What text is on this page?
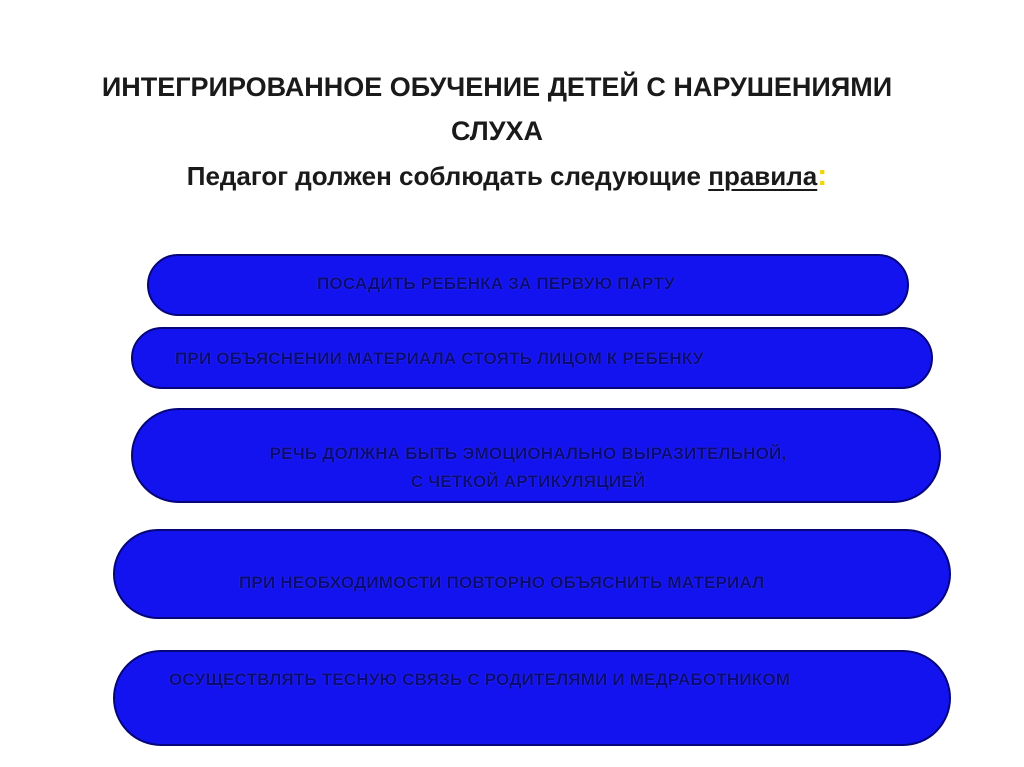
ИНТЕГРИРОВАННОЕ ОБУЧЕНИЕ ДЕТЕЙ С НАРУШЕНИЯМИ
СЛУХА
Педагог должен соблюдать следующие правила:
ПОСАДИТЬ РЕБЕНКА ЗА ПЕРВУЮ ПАРТУ
ПРИ ОБЪЯСНЕНИИ МАТЕРИАЛА СТОЯТЬ ЛИЦОМ К РЕБЕНКУ
РЕЧЬ ДОЛЖНА БЫТЬ ЭМОЦИОНАЛЬНО ВЫРАЗИТЕЛЬНОЙ,
С ЧЕТКОЙ АРТИКУЛЯЦИЕЙ
ПРИ НЕОБХОДИМОСТИ ПОВТОРНО ОБЪЯСНИТЬ МАТЕРИАЛ
ОСУЩЕСТВЛЯТЬ ТЕСНУЮ СВЯЗЬ С РОДИТЕЛЯМИ И МЕДРАБОТНИКОМ
